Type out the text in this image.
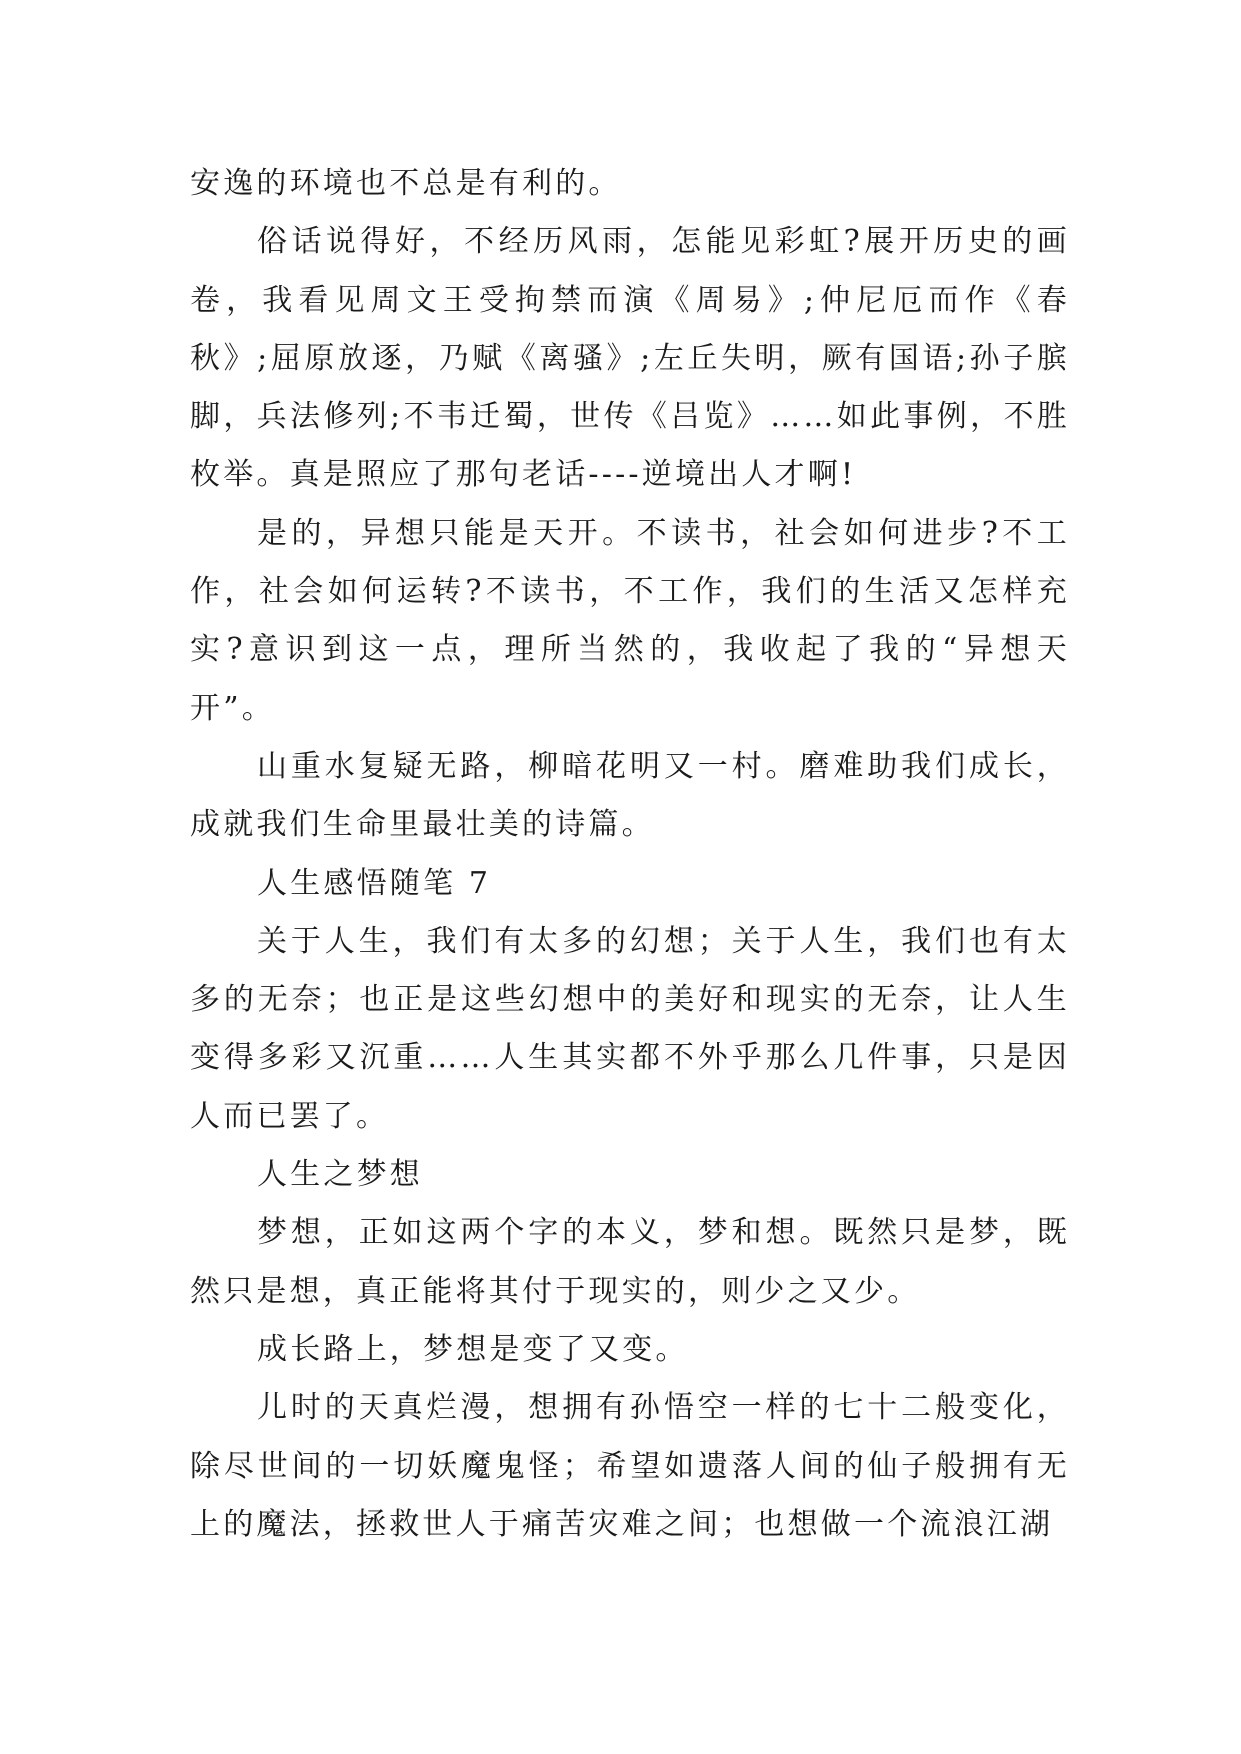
安逸的环境也不总是有利的。

俗话说得好，不经历风雨，怎能见彩虹?展开历史的画卷，我看见周文王受拘禁而演《周易》;仲尼厄而作《春秋》;屈原放逐，乃赋《离骚》;左丘失明，厥有国语;孙子膑脚，兵法修列;不韦迁蜀，世传《吕览》……如此事例，不胜枚举。真是照应了那句老话----逆境出人才啊!

是的，异想只能是天开。不读书，社会如何进步?不工作，社会如何运转?不读书，不工作，我们的生活又怎样充实?意识到这一点，理所当然的，我收起了我的“异想天开”。

山重水复疑无路，柳暗花明又一村。磨难助我们成长，成就我们生命里最壮美的诗篇。

人生感悟随笔 7

关于人生，我们有太多的幻想；关于人生，我们也有太多的无奈；也正是这些幻想中的美好和现实的无奈，让人生变得多彩又沉重……人生其实都不外乎那么几件事，只是因人而已罢了。

人生之梦想

梦想，正如这两个字的本义，梦和想。既然只是梦，既然只是想，真正能将其付于现实的，则少之又少。

成长路上，梦想是变了又变。

儿时的天真烂漫，想拥有孙悟空一样的七十二般变化，除尽世间的一切妖魔鬼怪；希望如遗落人间的仙子般拥有无上的魔法，拯救世人于痛苦灾难之间；也想做一个流浪江湖
